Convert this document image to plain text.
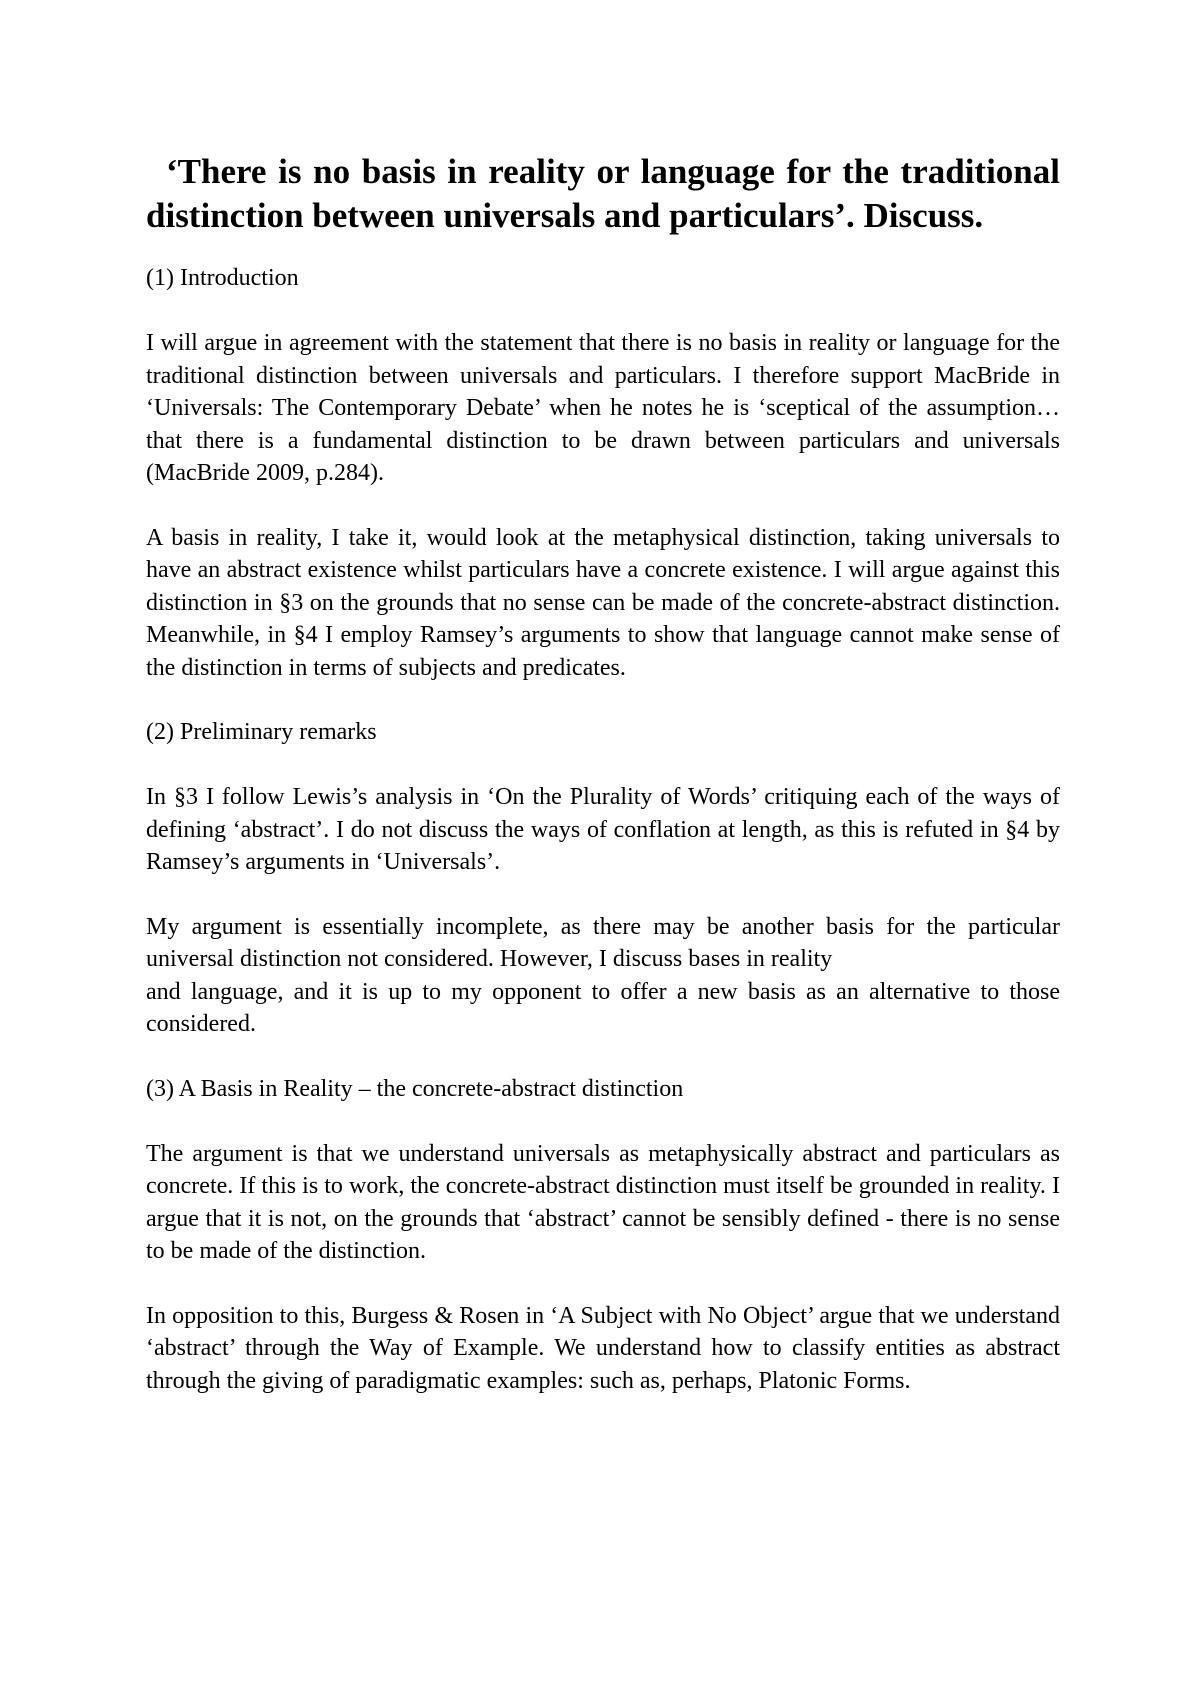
‘There is no basis in reality or language for the traditional distinction between universals and particulars’. Discuss.

(1) Introduction

I will argue in agreement with the statement that there is no basis in reality or language for the traditional distinction between universals and particulars. I therefore support MacBride in ‘Universals: The Contemporary Debate’ when he notes he is ‘sceptical of the assumption… that there is a fundamental distinction to be drawn between particulars and universals (MacBride 2009, p.284).

A basis in reality, I take it, would look at the metaphysical distinction, taking universals to have an abstract existence whilst particulars have a concrete existence. I will argue against this distinction in §3 on the grounds that no sense can be made of the concrete-abstract distinction. Meanwhile, in §4 I employ Ramsey’s arguments to show that language cannot make sense of the distinction in terms of subjects and predicates.

(2) Preliminary remarks

In §3 I follow Lewis’s analysis in ‘On the Plurality of Words’ critiquing each of the ways of defining ‘abstract’. I do not discuss the ways of conflation at length, as this is refuted in §4 by Ramsey’s arguments in ‘Universals’.

My argument is essentially incomplete, as there may be another basis for the particular universal distinction not considered. However, I discuss bases in reality
and language, and it is up to my opponent to offer a new basis as an alternative to those considered.

(3) A Basis in Reality – the concrete-abstract distinction

The argument is that we understand universals as metaphysically abstract and particulars as concrete. If this is to work, the concrete-abstract distinction must itself be grounded in reality. I argue that it is not, on the grounds that ‘abstract’ cannot be sensibly defined - there is no sense to be made of the distinction.

In opposition to this, Burgess & Rosen in ‘A Subject with No Object’ argue that we understand ‘abstract’ through the Way of Example. We understand how to classify entities as abstract through the giving of paradigmatic examples: such as, perhaps, Platonic Forms.
